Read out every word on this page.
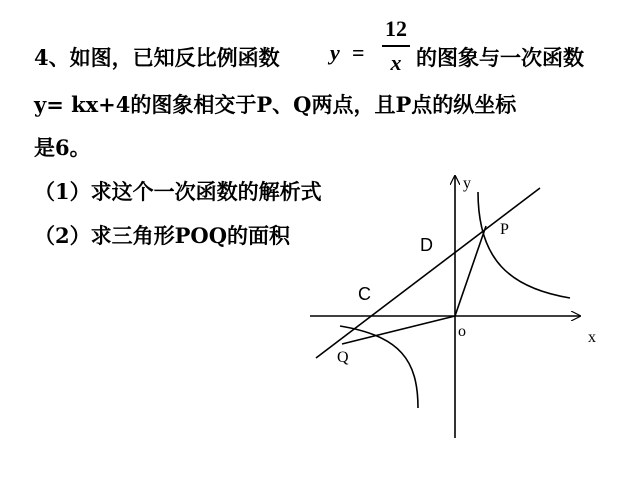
4、如图，已知反比例函数 y =
12
x 的图象与一次函数
y= kx+4的图象相交于P、Q两点，且P点的纵坐标
是6。
（1）求这个一次函数的解析式
（2）求三角形POQ的面积
y
x
o
P
Q
C
D
